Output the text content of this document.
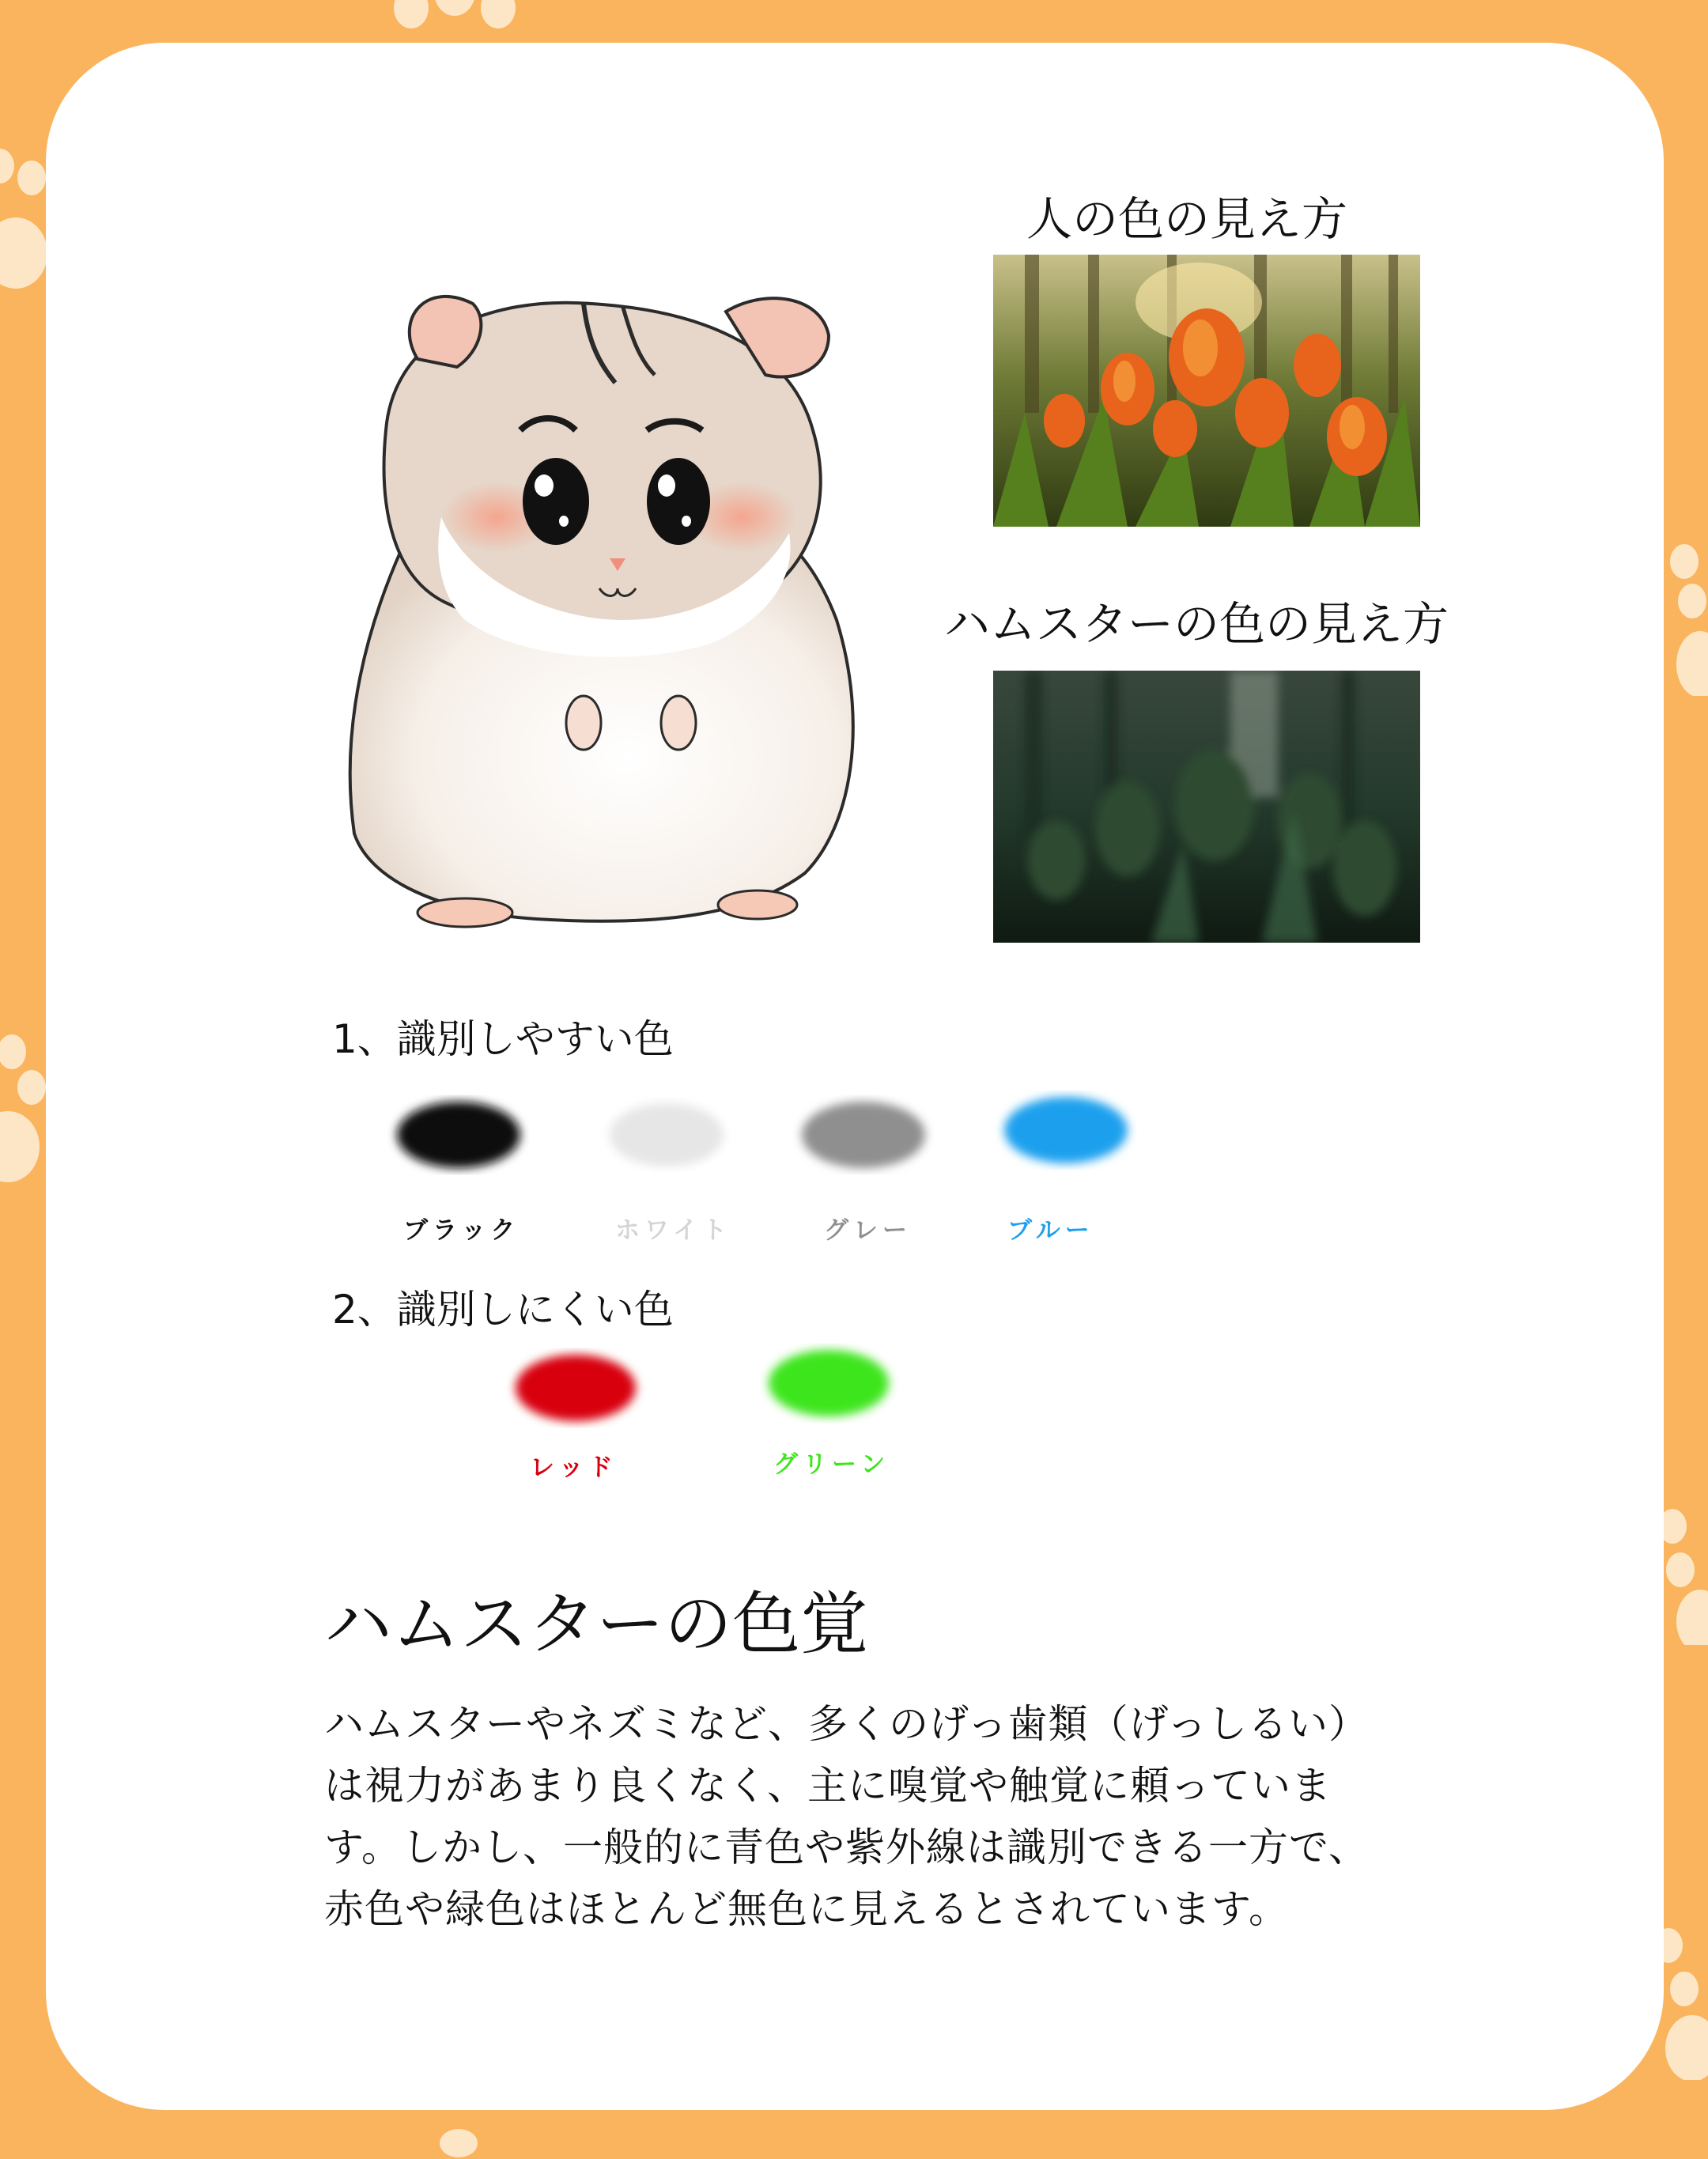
人の色の見え方
ハムスターの色の見え方
1、識別しやすい色
ブラック	ホワイト	グレー	ブルー
2、識別しにくい色
レッド	グリーン
ハムスターの色覚
ハムスターやネズミなど、多くのげっ歯類（げっしるい）
は視力があまり良くなく、主に嗅覚や触覚に頼っていま
す。しかし、一般的に青色や紫外線は識別できる一方で、
赤色や緑色はほとんど無色に見えるとされています。
